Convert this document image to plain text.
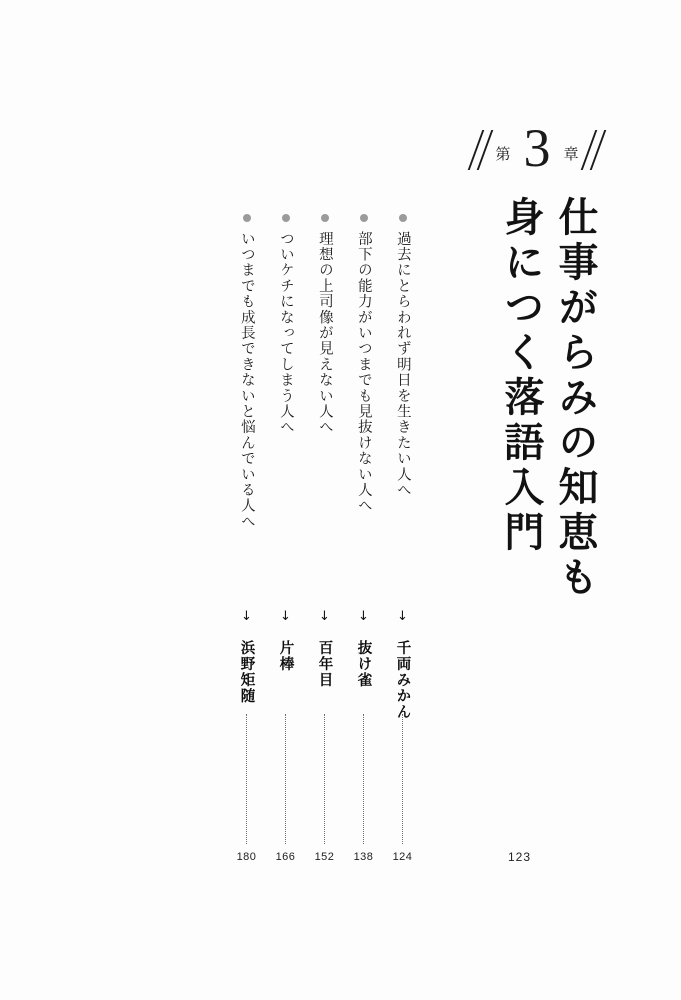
第 3 章
仕事がらみの知恵も
身につく落語入門
過去にとらわれず明日を生きたい人へ
↓
千両みかん
124
部下の能力がいつまでも見抜けない人へ
↓
抜け雀
138
理想の上司像が見えない人へ
↓
百年目
152
ついケチになってしまう人へ
↓
片棒
166
いつまでも成長できないと悩んでいる人へ
↓
浜野矩随
180	123
